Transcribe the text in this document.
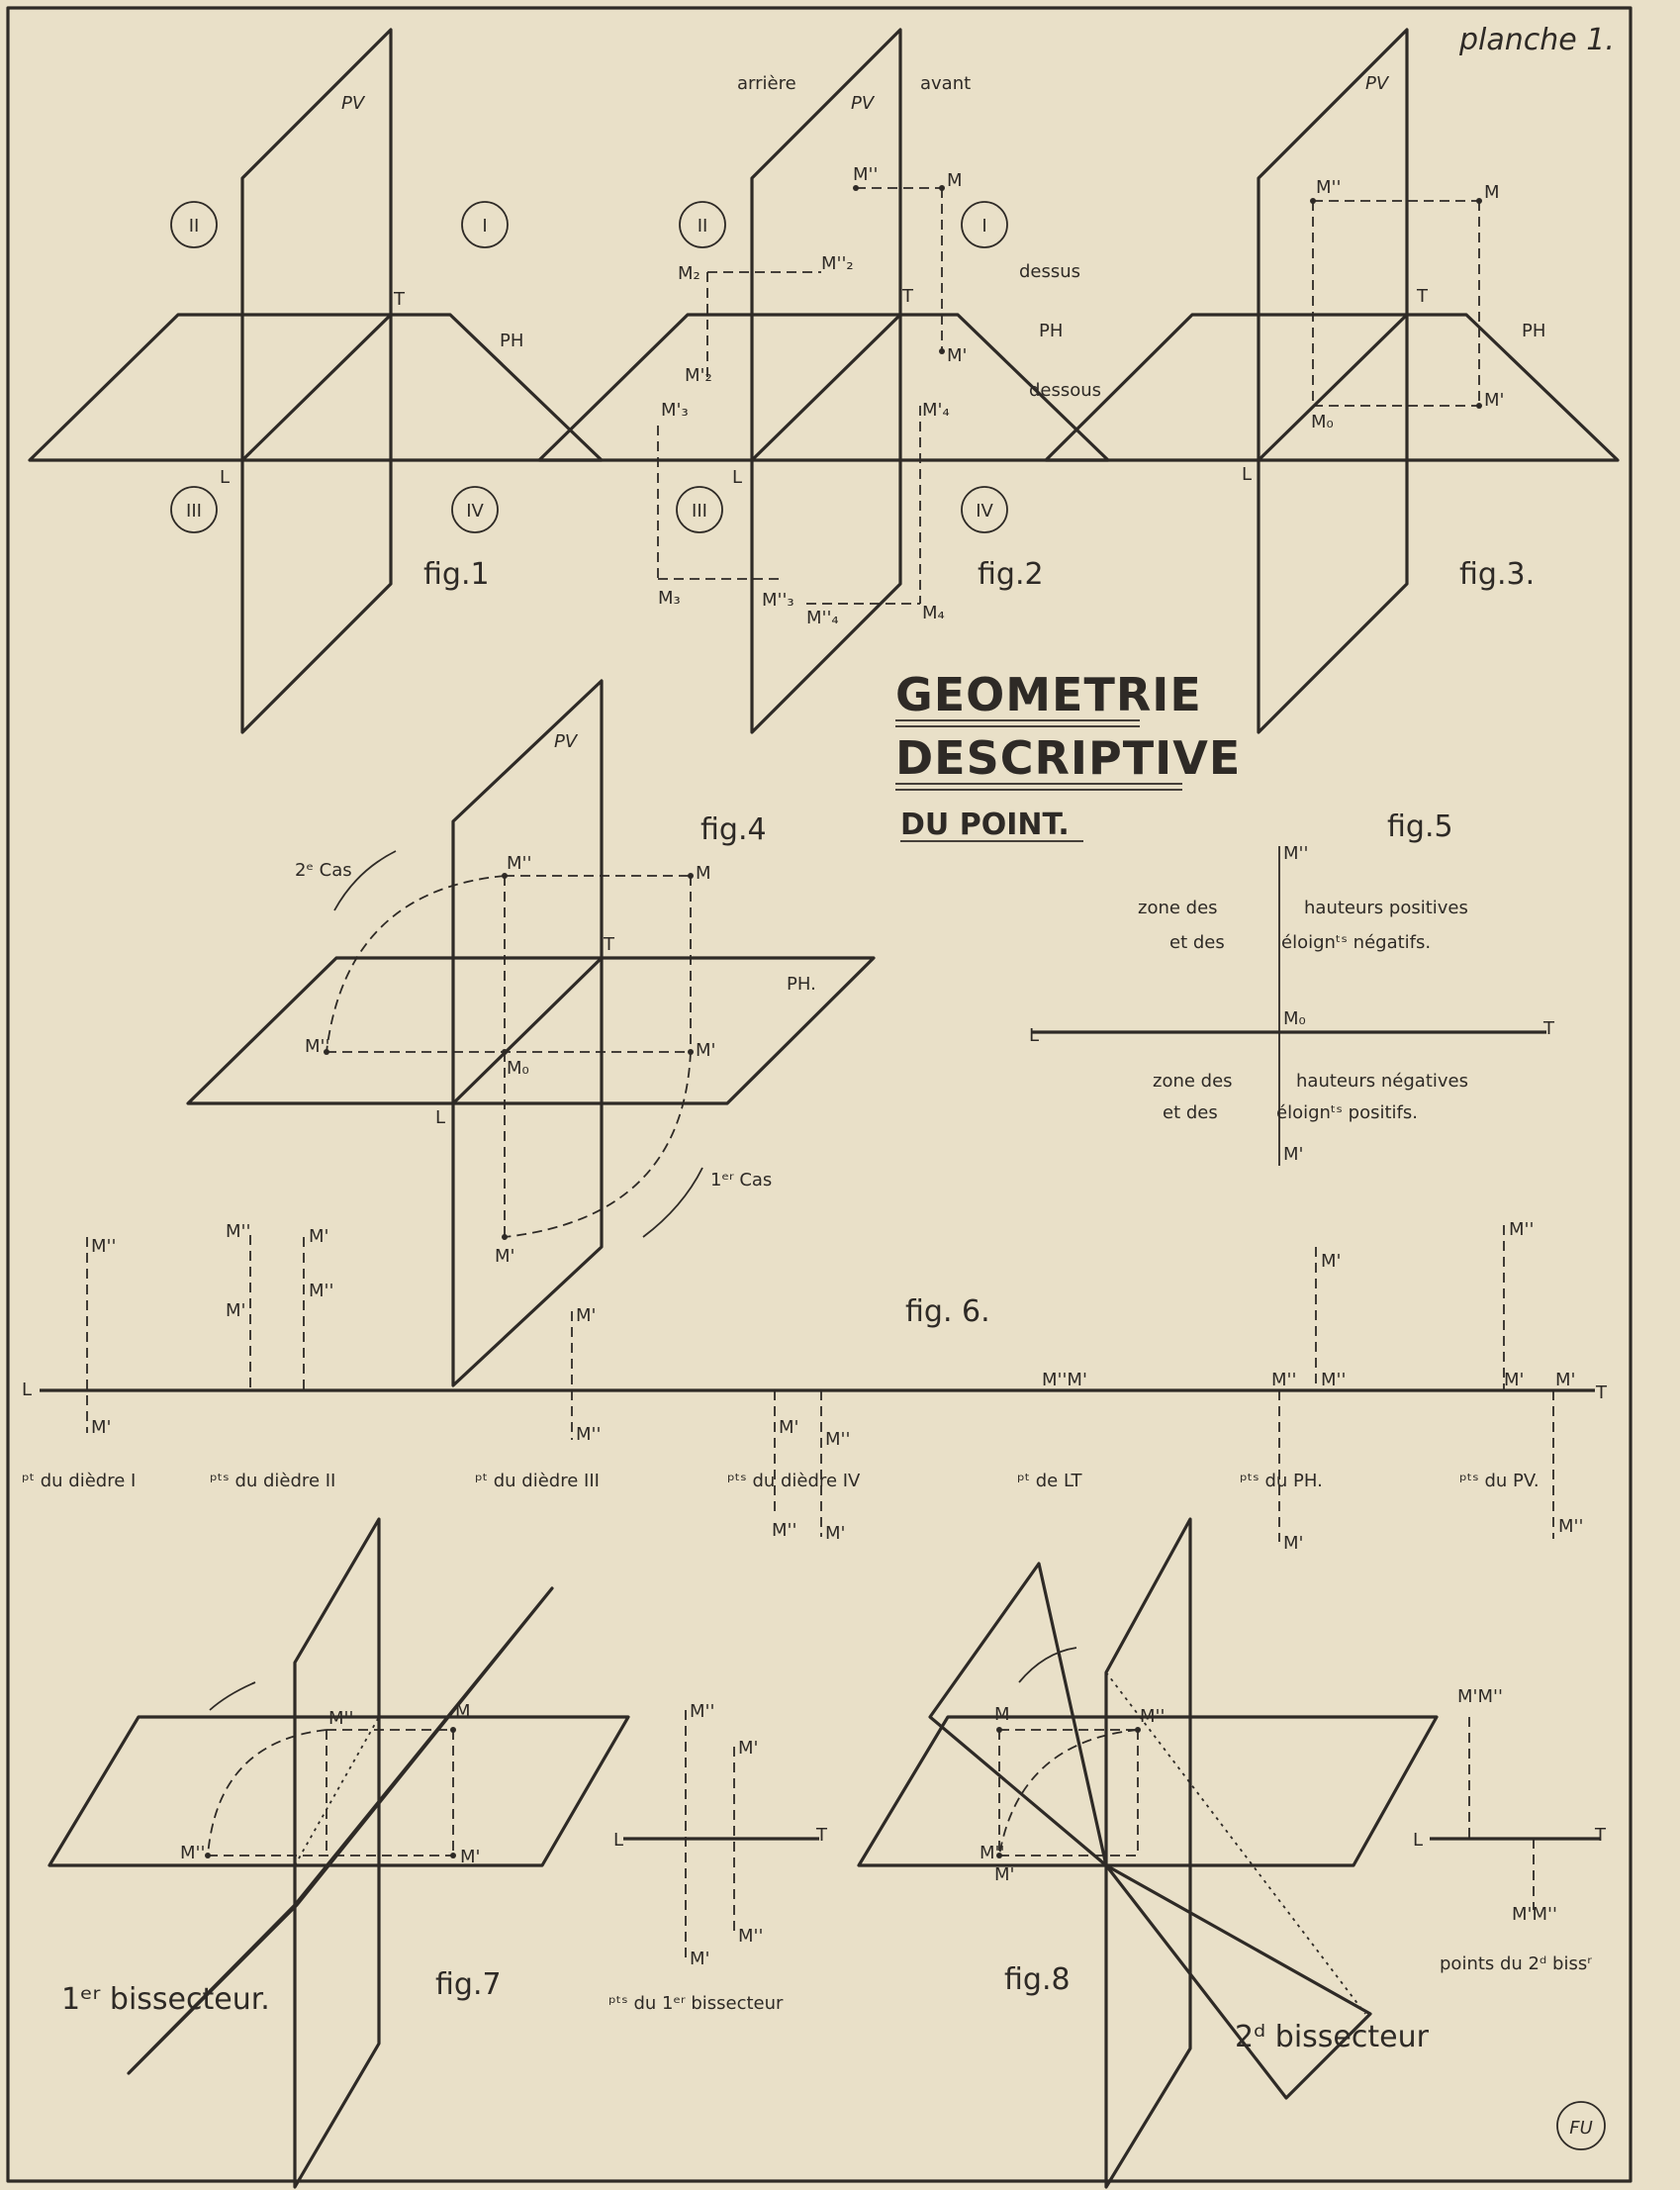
planche 1.
II	I
III	IV
PV
PH
T
L
fig.1
arrière	avant
dessus
dessous
II	I
III	IV
PV
PH
T
L
M
M''
M'
M₂	M''₂
M'₂
M'₃
M₃	M''₃
M'₄
M''₄	M₄
fig.2
M
M''
M'
M₀
PV
PH
T
L
fig.3.
GEOMETRIE
DESCRIPTIVE
DU POINT.
M
M''
M''	M'
M'
M₀
2ᵉ Cas
1ᵉʳ Cas
PV
PH.
T
L
fig.4
L	T
M''
M'
M₀
zone des
et des
hauteurs positives
éloignᵗˢ négatifs.
zone des
et des
hauteurs négatives
éloignᵗˢ positifs.
fig.5
L	T
M''
M'
M''
M'
M'
M''
M'
M''	M'
M''
M''
M'
M''M'	M''
M'
M'
M''
M''
M' M'
M''
ᵖᵗ du dièdre I	ᵖᵗˢ du dièdre II	ᵖᵗ du dièdre III	ᵖᵗˢ du dièdre IV	ᵖᵗ de LT	ᵖᵗˢ du PH.	ᵖᵗˢ du PV.
fig. 6.
M
M''
M''	M'
1ᵉʳ bissecteur.	fig.7
L	T
M''
M'
M'
M''
ᵖᵗˢ du 1ᵉʳ bissecteur
M	M''
M''
M'
fig.8
2ᵈ bissecteur
L	T
M'M''
M'M''
points du 2ᵈ bissʳ
FU
